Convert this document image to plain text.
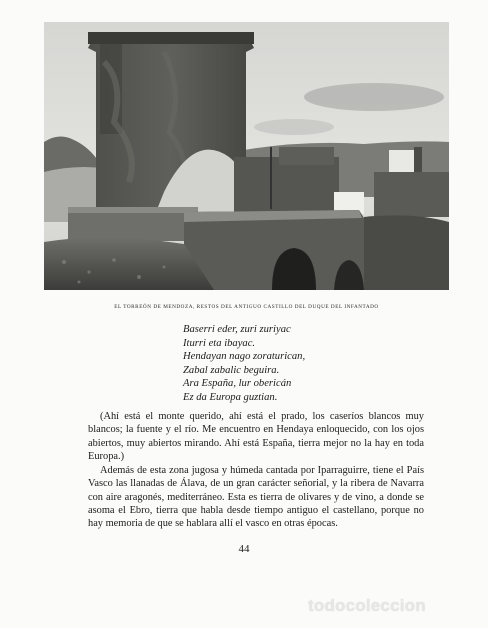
EL TORREÓN DE MENDOZA, RESTOS DEL ANTIGUO CASTILLO DEL DUQUE DEL INFANTADO
Baserri eder, zuri zuriyac
Iturri eta ibayac.
Hendayan nago zoraturican,
Zabal zabalic beguira.
Ara España, lur obericán
Ez da Europa guztian.

(Ahí está el monte querido, ahí está el prado, los caseríos blancos muy blancos; la fuente y el río. Me encuentro en Hendaya enloquecido, con los ojos abiertos, muy abiertos mirando. Ahí está España, tierra mejor no la hay en toda Europa.)

Además de esta zona jugosa y húmeda cantada por Iparraguirre, tiene el País Vasco las llanadas de Álava, de un gran carácter señorial, y la ribera de Navarra con aire aragonés, mediterráneo. Esta es tierra de olivares y de vino, a donde se asoma el Ebro, tierra que habla desde tiempo antiguo el castellano, porque no hay memoria de que se hablara allí el vasco en otras épocas.

44
todocoleccion
